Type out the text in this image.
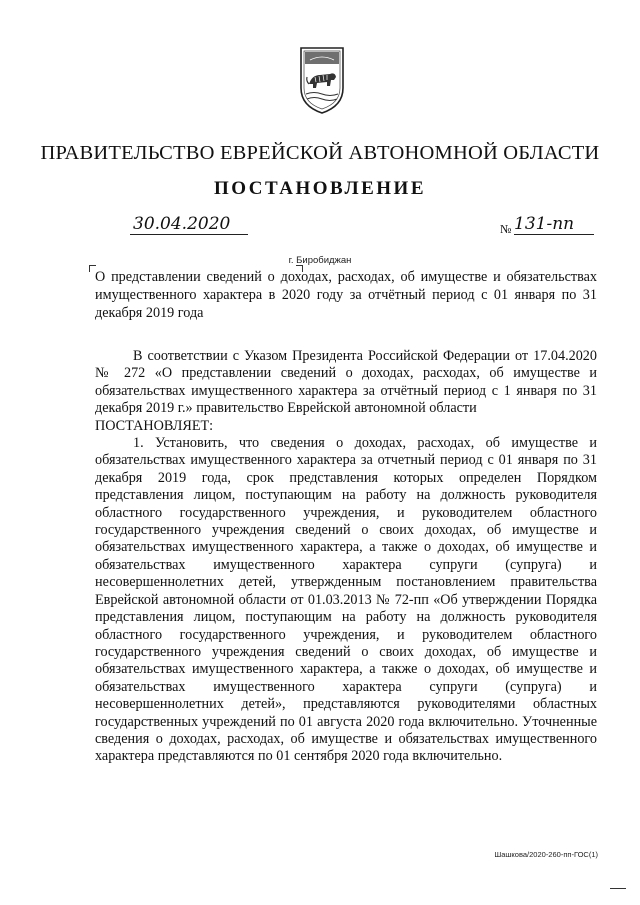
ПРАВИТЕЛЬСТВО ЕВРЕЙСКОЙ АВТОНОМНОЙ ОБЛАСТИ
ПОСТАНОВЛЕНИЕ
30.04.2020	№ 131-пп
г. Биробиджан
О представлении сведений о доходах, расходах, об имуществе и обязательствах имущественного характера в 2020 году за отчётный период с 01 января по 31 декабря 2019 года

В соответствии с Указом Президента Российской Федерации от 17.04.2020 № 272 «О представлении сведений о доходах, расходах, об имуществе и обязательствах имущественного характера за отчётный период с 1 января по 31 декабря 2019 г.» правительство Еврейской автономной области

ПОСТАНОВЛЯЕТ:

1. Установить, что сведения о доходах, расходах, об имуществе и обязательствах имущественного характера за отчетный период с 01 января по 31 декабря 2019 года, срок представления которых определен Порядком представления лицом, поступающим на работу на должность руководителя областного государственного учреждения, и руководителем областного государственного учреждения сведений о своих доходах, об имуществе и обязательствах имущественного характера, а также о доходах, об имуществе и обязательствах имущественного характера супруги (супруга) и несовершеннолетних детей, утвержденным постановлением правительства Еврейской автономной области от 01.03.2013 № 72-пп «Об утверждении Порядка представления лицом, поступающим на работу на должность руководителя областного государственного учреждения, и руководителем областного государственного учреждения сведений о своих доходах, об имуществе и обязательствах имущественного характера, а также о доходах, об имуществе и обязательствах имущественного характера супруги (супруга) и несовершеннолетних детей», представляются руководителями областных государственных учреждений по 01 августа 2020 года включительно. Уточненные сведения о доходах, расходах, об имуществе и обязательствах имущественного характера представляются по 01 сентября 2020 года включительно.

Шашкова/2020-260-пп-ГОС(1)
